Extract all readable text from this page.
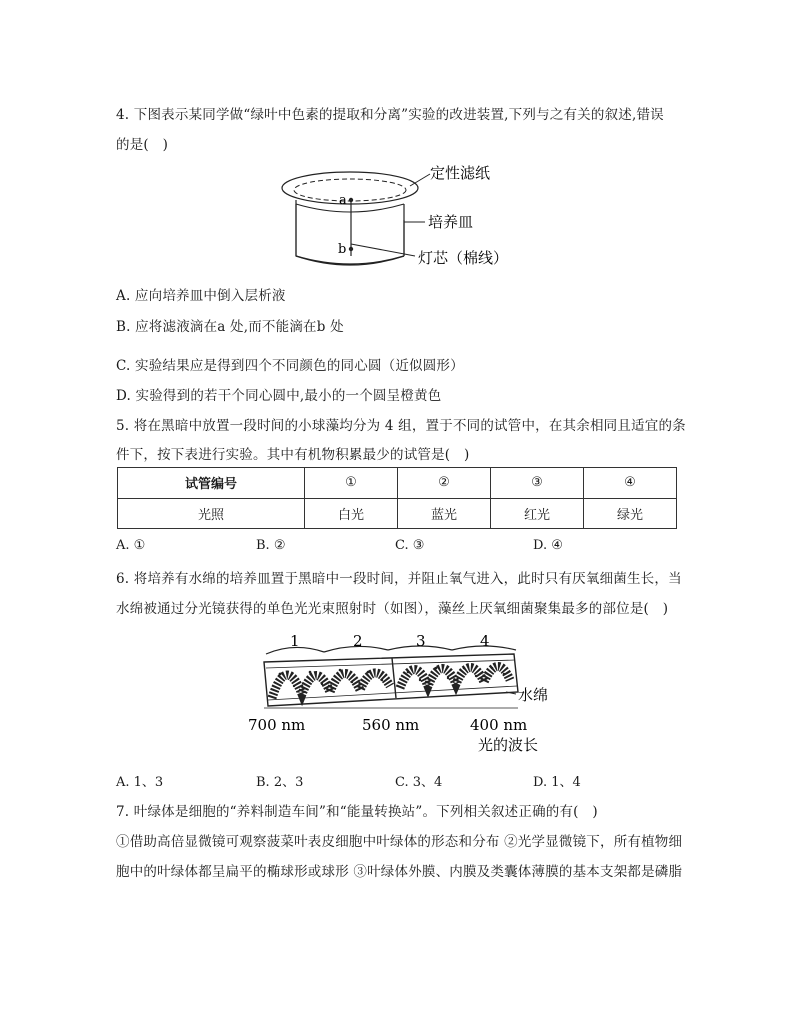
4. 下图表示某同学做“绿叶中色素的提取和分离”实验的改进装置,下列与之有关的叙述,错误
的是(　)
a
b
定性滤纸
培养皿
灯芯（棉线）
A. 应向培养皿中倒入层析液
B. 应将滤液滴在a 处,而不能滴在b 处
C. 实验结果应是得到四个不同颜色的同心圆（近似圆形）
D. 实验得到的若干个同心圆中,最小的一个圆呈橙黄色
5. 将在黑暗中放置一段时间的小球藻均分为 4 组，置于不同的试管中，在其余相同且适宜的条
件下，按下表进行实验。其中有机物积累最少的试管是(　)
试管编号	①	②	③	④
光照	白光	蓝光	红光	绿光
A. ①	B. ②	C. ③	D. ④
6. 将培养有水绵的培养皿置于黑暗中一段时间，并阻止氧气进入，此时只有厌氧细菌生长，当
水绵被通过分光镜获得的单色光光束照射时（如图），藻丝上厌氧细菌聚集最多的部位是(　)
1	2	3	4
水绵
700 nm	560 nm	400 nm
光的波长
A. 1、3	B. 2、3	C. 3、4	D. 1、4
7. 叶绿体是细胞的“养料制造车间”和“能量转换站”。下列相关叙述正确的有(　)
①借助高倍显微镜可观察菠菜叶表皮细胞中叶绿体的形态和分布 ②光学显微镜下，所有植物细
胞中的叶绿体都呈扁平的椭球形或球形 ③叶绿体外膜、内膜及类囊体薄膜的基本支架都是磷脂
